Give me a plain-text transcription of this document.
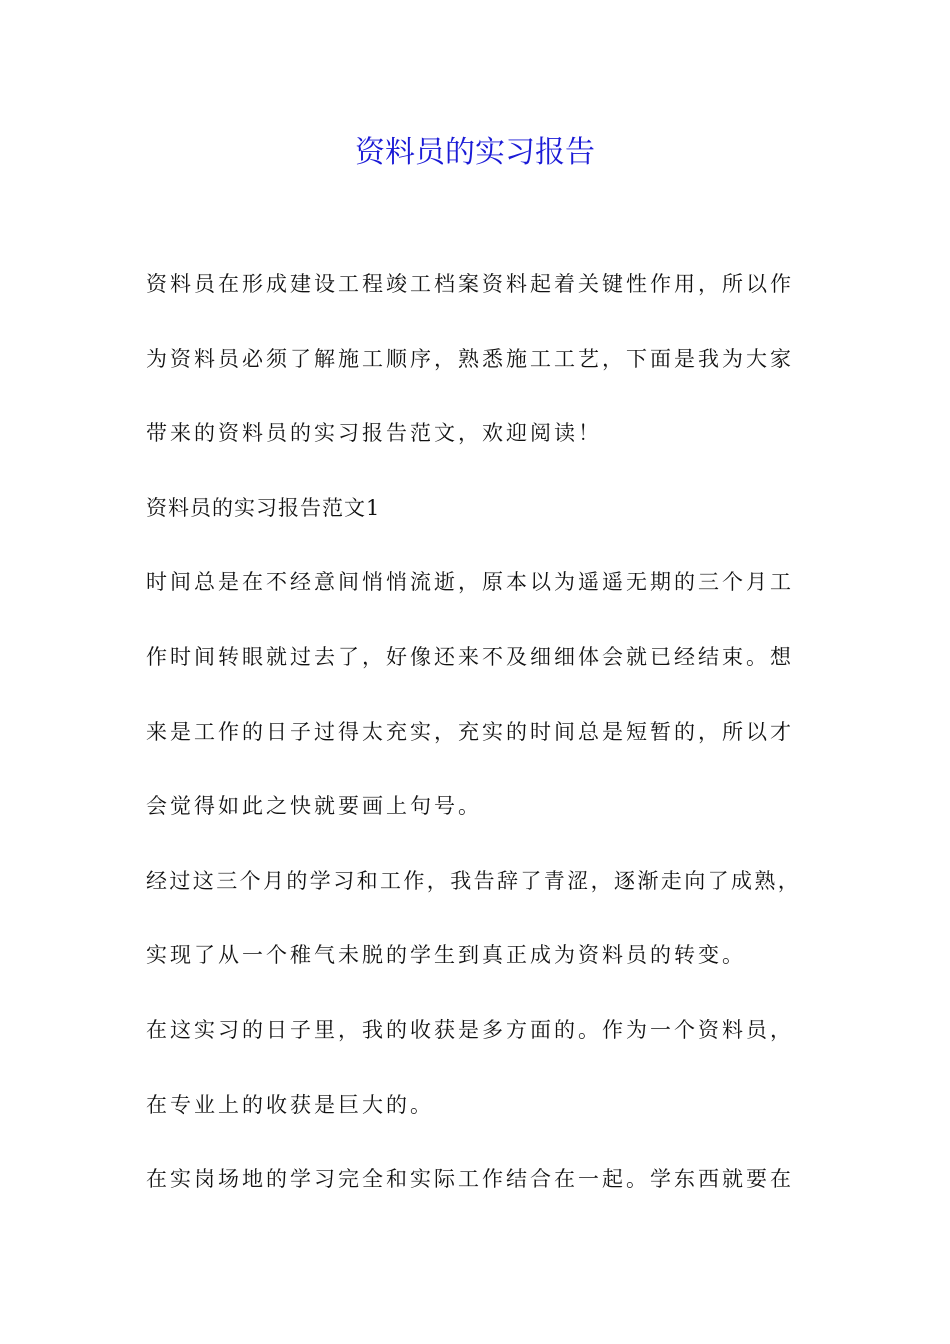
资料员的实习报告
资料员在形成建设工程竣工档案资料起着关键性作用，所以作
为资料员必须了解施工顺序，熟悉施工工艺，下面是我为大家
带来的资料员的实习报告范文，欢迎阅读！
资料员的实习报告范文1
时间总是在不经意间悄悄流逝，原本以为遥遥无期的三个月工
作时间转眼就过去了，好像还来不及细细体会就已经结束。想
来是工作的日子过得太充实，充实的时间总是短暂的，所以才
会觉得如此之快就要画上句号。
经过这三个月的学习和工作，我告辞了青涩，逐渐走向了成熟，
实现了从一个稚气未脱的学生到真正成为资料员的转变。
在这实习的日子里，我的收获是多方面的。作为一个资料员，
在专业上的收获是巨大的。
在实岗场地的学习完全和实际工作结合在一起。学东西就要在
